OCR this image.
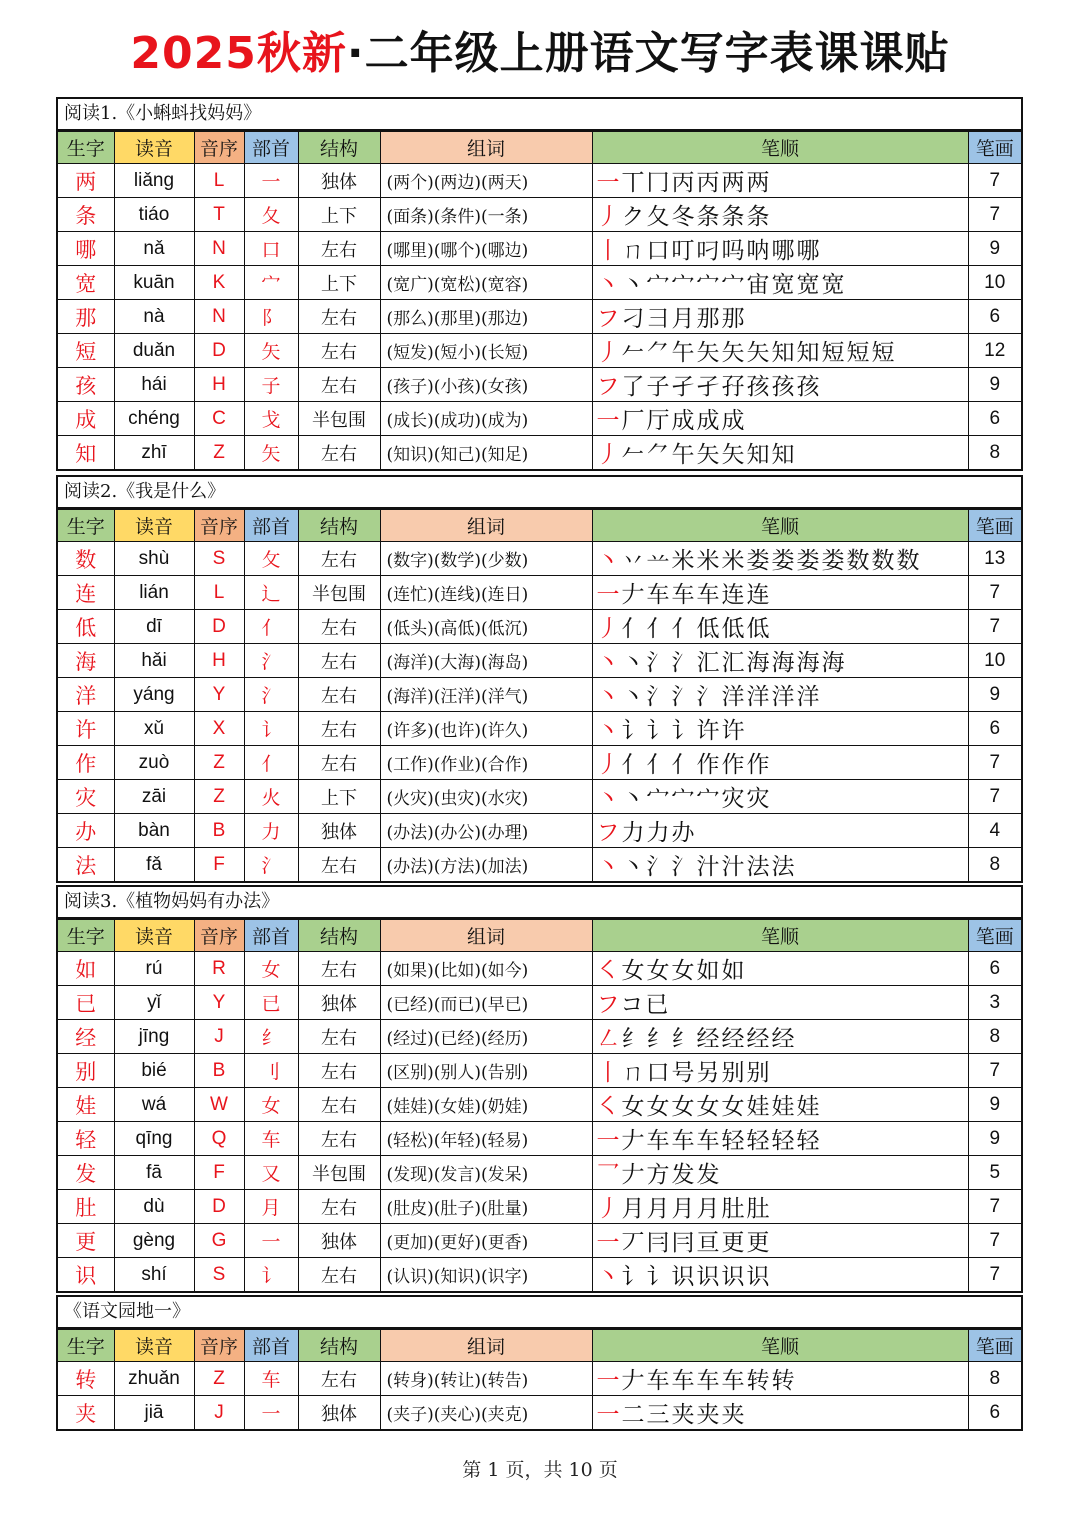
2025秋新·二年级上册语文写字表课课贴
阅读1.《小蝌蚪找妈妈》
生字	读音	音序	部首	结构	组词	笔顺	笔画
两	liǎng	L	一	独体	(两个)(两边)(两天)	一丅冂丙丙两两	7
条	tiáo	T	夂	上下	(面条)(条件)(一条)	丿ク夂冬条条条	7
哪	nǎ	N	口	左右	(哪里)(哪个)(哪边)	丨ㄇ口叮叼吗呐哪哪	9
宽	kuān	K	宀	上下	(宽广)(宽松)(宽容)	丶丶宀宀宀宀宙宽宽宽	10
那	nà	N	阝	左右	(那么)(那里)(那边)	フ刁彐月那那	6
短	duǎn	D	矢	左右	(短发)(短小)(长短)	丿𠂉⺈午矢矢矢知知短短短	12
孩	hái	H	子	左右	(孩子)(小孩)(女孩)	フ了子孑孑孖孩孩孩	9
成	chéng	C	戈	半包围	(成长)(成功)(成为)	一厂厅成成成	6
知	zhī	Z	矢	左右	(知识)(知己)(知足)	丿𠂉⺈午矢矢知知	8
阅读2.《我是什么》
生字	读音	音序	部首	结构	组词	笔顺	笔画
数	shù	S	攵	左右	(数字)(数学)(少数)	丶丷䒑米米米娄娄娄娄数数数	13
连	lián	L	辶	半包围	(连忙)(连线)(连日)	一𠂇车车车连连	7
低	dī	D	亻	左右	(低头)(高低)(低沉)	丿亻亻亻低低低	7
海	hǎi	H	氵	左右	(海洋)(大海)(海岛)	丶丶氵氵汇汇海海海海	10
洋	yáng	Y	氵	左右	(海洋)(汪洋)(洋气)	丶丶氵氵氵洋洋洋洋	9
许	xǔ	X	讠	左右	(许多)(也许)(许久)	丶讠讠讠许许	6
作	zuò	Z	亻	左右	(工作)(作业)(合作)	丿亻亻亻作作作	7
灾	zāi	Z	火	上下	(火灾)(虫灾)(水灾)	丶丶宀宀宀灾灾	7
办	bàn	B	力	独体	(办法)(办公)(办理)	フ力力办	4
法	fǎ	F	氵	左右	(办法)(方法)(加法)	丶丶氵氵汁汁法法	8
阅读3.《植物妈妈有办法》
生字	读音	音序	部首	结构	组词	笔顺	笔画
如	rú	R	女	左右	(如果)(比如)(如今)	㇛女女女如如	6
已	yǐ	Y	已	独体	(已经)(而已)(早已)	フコ已	3
经	jīng	J	纟	左右	(经过)(已经)(经历)	㇜纟纟纟经经经经	8
别	bié	B	刂	左右	(区别)(别人)(告别)	丨ㄇ口号另别别	7
娃	wá	W	女	左右	(娃娃)(女娃)(奶娃)	㇛女女女女女娃娃娃	9
轻	qīng	Q	车	左右	(轻松)(年轻)(轻易)	一𠂇车车车轻轻轻轻	9
发	fā	F	又	半包围	(发现)(发言)(发呆)	乛𠂇方发发	5
肚	dù	D	月	左右	(肚皮)(肚子)(肚量)	丿月月月月肚肚	7
更	gèng	G	一	独体	(更加)(更好)(更香)	一丆冃冃亘更更	7
识	shí	S	讠	左右	(认识)(知识)(识字)	丶讠讠识识识识	7
《语文园地一》
生字	读音	音序	部首	结构	组词	笔顺	笔画
转	zhuǎn	Z	车	左右	(转身)(转让)(转告)	一𠂇车车车车转转	8
夹	jiā	J	一	独体	(夹子)(夹心)(夹克)	一二三夹夹夹	6
第 1 页，共 10 页
